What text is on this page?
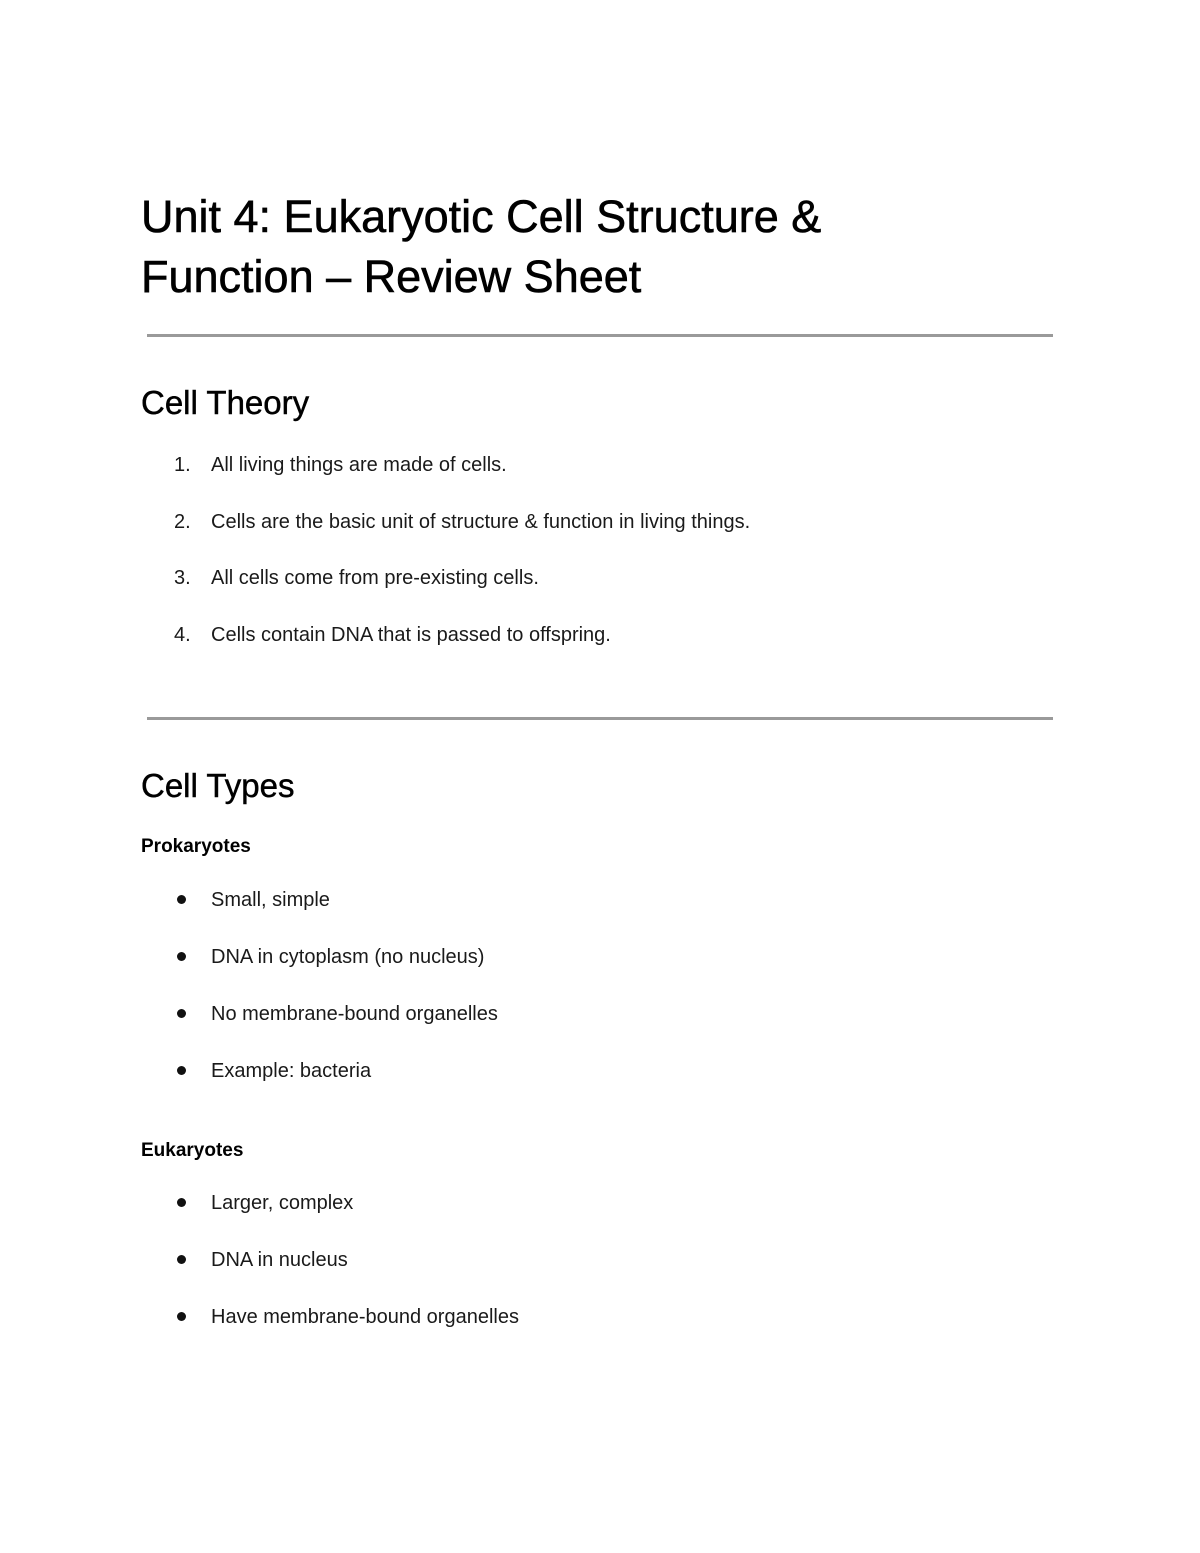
Unit 4: Eukaryotic Cell Structure &
Function – Review Sheet
Cell Theory
1.	All living things are made of cells.
2.	Cells are the basic unit of structure & function in living things.
3.	All cells come from pre-existing cells.
4.	Cells contain DNA that is passed to offspring.
Cell Types
Prokaryotes
Small, simple
DNA in cytoplasm (no nucleus)
No membrane-bound organelles
Example: bacteria
Eukaryotes
Larger, complex
DNA in nucleus
Have membrane-bound organelles
